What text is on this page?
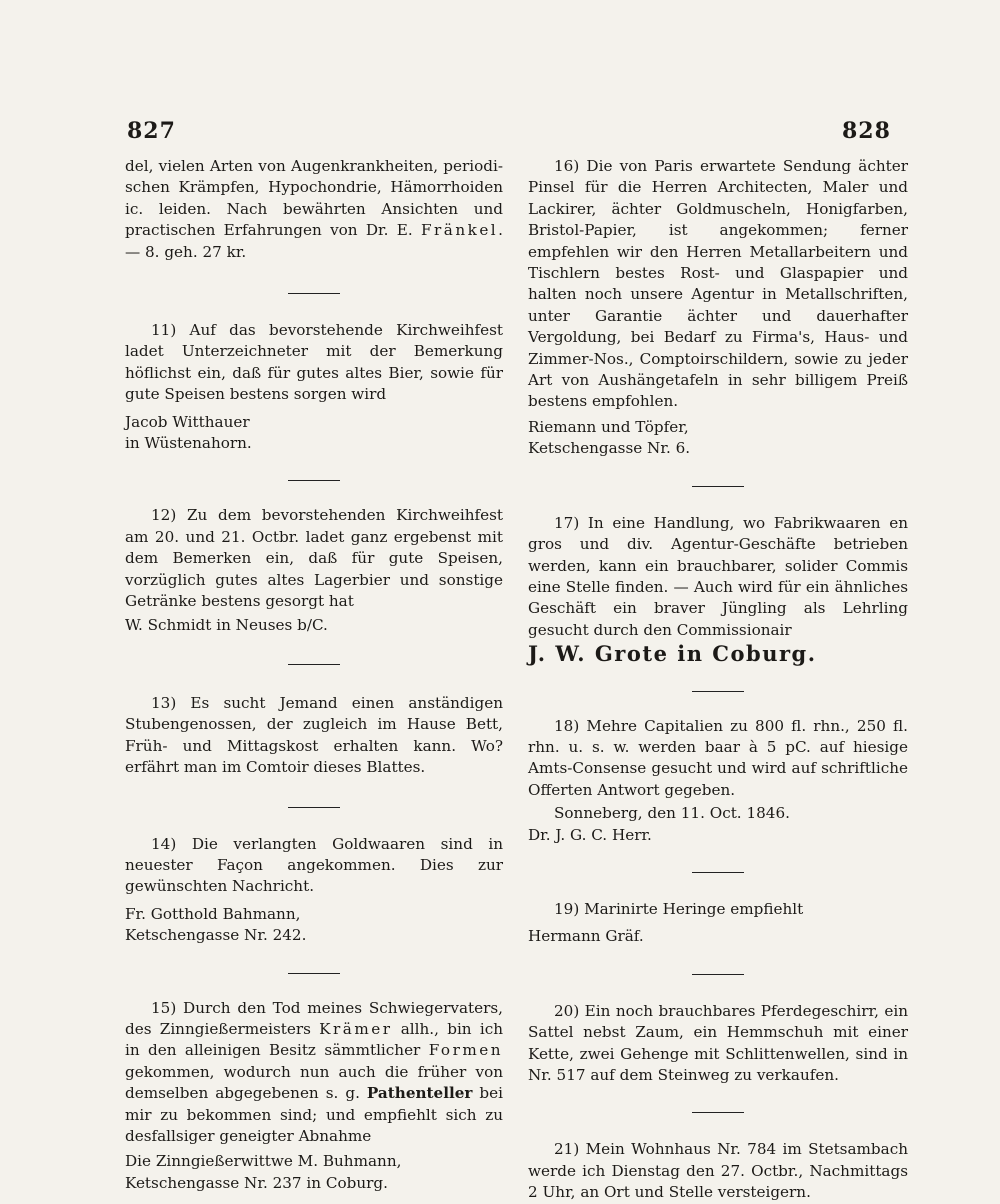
827	828

del, vielen Arten von Augenkrankheiten, periodi-schen Krämpfen, Hypochondrie, Hämorrhoiden ic. leiden. Nach bewährten Ansichten und practischen Erfahrungen von Dr. E. Fränkel. — 8. geh. 27 kr.

11) Auf das bevorstehende Kirchweihfest ladet Unterzeichneter mit der Bemerkung höflichst ein, daß für gutes altes Bier, sowie für gute Speisen bestens sorgen wird

Jacob Witthauer

in Wüstenahorn.

12) Zu dem bevorstehenden Kirchweihfest am 20. und 21. Octbr. ladet ganz ergebenst mit dem Bemerken ein, daß für gute Speisen, vorzüglich gutes altes Lagerbier und sonstige Getränke bestens gesorgt hat

W. Schmidt in Neuses b/C.

13) Es sucht Jemand einen anständigen Stubengenossen, der zugleich im Hause Bett, Früh- und Mittagskost erhalten kann. Wo? erfährt man im Comtoir dieses Blattes.

14) Die verlangten Goldwaaren sind in neuester Façon angekommen. Dies zur gewünschten Nachricht.

Fr. Gotthold Bahmann,

Ketschengasse Nr. 242.

15) Durch den Tod meines Schwiegervaters, des Zinngießermeisters Krämer allh., bin ich in den alleinigen Besitz sämmtlicher Formen gekommen, wodurch nun auch die früher von demselben abgegebenen s. g. Pathenteller bei mir zu bekommen sind; und empfiehlt sich zu desfallsiger geneigter Abnahme

Die Zinngießerwittwe M. Buhmann,

Ketschengasse Nr. 237 in Coburg.

16) Die von Paris erwartete Sendung ächter Pinsel für die Herren Architecten, Maler und Lackirer, ächter Goldmuscheln, Honigfarben, Bristol-Papier, ist angekommen; ferner empfehlen wir den Herren Metallarbeitern und Tischlern bestes Rost- und Glaspapier und halten noch unsere Agentur in Metallschriften, unter Garantie ächter und dauerhafter Vergoldung, bei Bedarf zu Firma's, Haus- und Zimmer-Nos., Comptoirschildern, sowie zu jeder Art von Aushängetafeln in sehr billigem Preiß bestens empfohlen.

Riemann und Töpfer,

Ketschengasse Nr. 6.

17) In eine Handlung, wo Fabrikwaaren en gros und div. Agentur-Geschäfte betrieben werden, kann ein brauchbarer, solider Commis eine Stelle finden. — Auch wird für ein ähnliches Geschäft ein braver Jüngling als Lehrling gesucht durch den Commissionair

J. W. Grote in Coburg.

18) Mehre Capitalien zu 800 fl. rhn., 250 fl. rhn. u. s. w. werden baar à 5 pC. auf hiesige Amts-Consense gesucht und wird auf schriftliche Offerten Antwort gegeben.

Sonneberg, den 11. Oct. 1846.

Dr. J. G. C. Herr.

19) Marinirte Heringe empfiehlt

Hermann Gräf.

20) Ein noch brauchbares Pferdegeschirr, ein Sattel nebst Zaum, ein Hemmschuh mit einer Kette, zwei Gehenge mit Schlittenwellen, sind in Nr. 517 auf dem Steinweg zu verkaufen.

21) Mein Wohnhaus Nr. 784 im Stetsambach werde ich Dienstag den 27. Octbr., Nachmittags 2 Uhr, an Ort und Stelle versteigern.
